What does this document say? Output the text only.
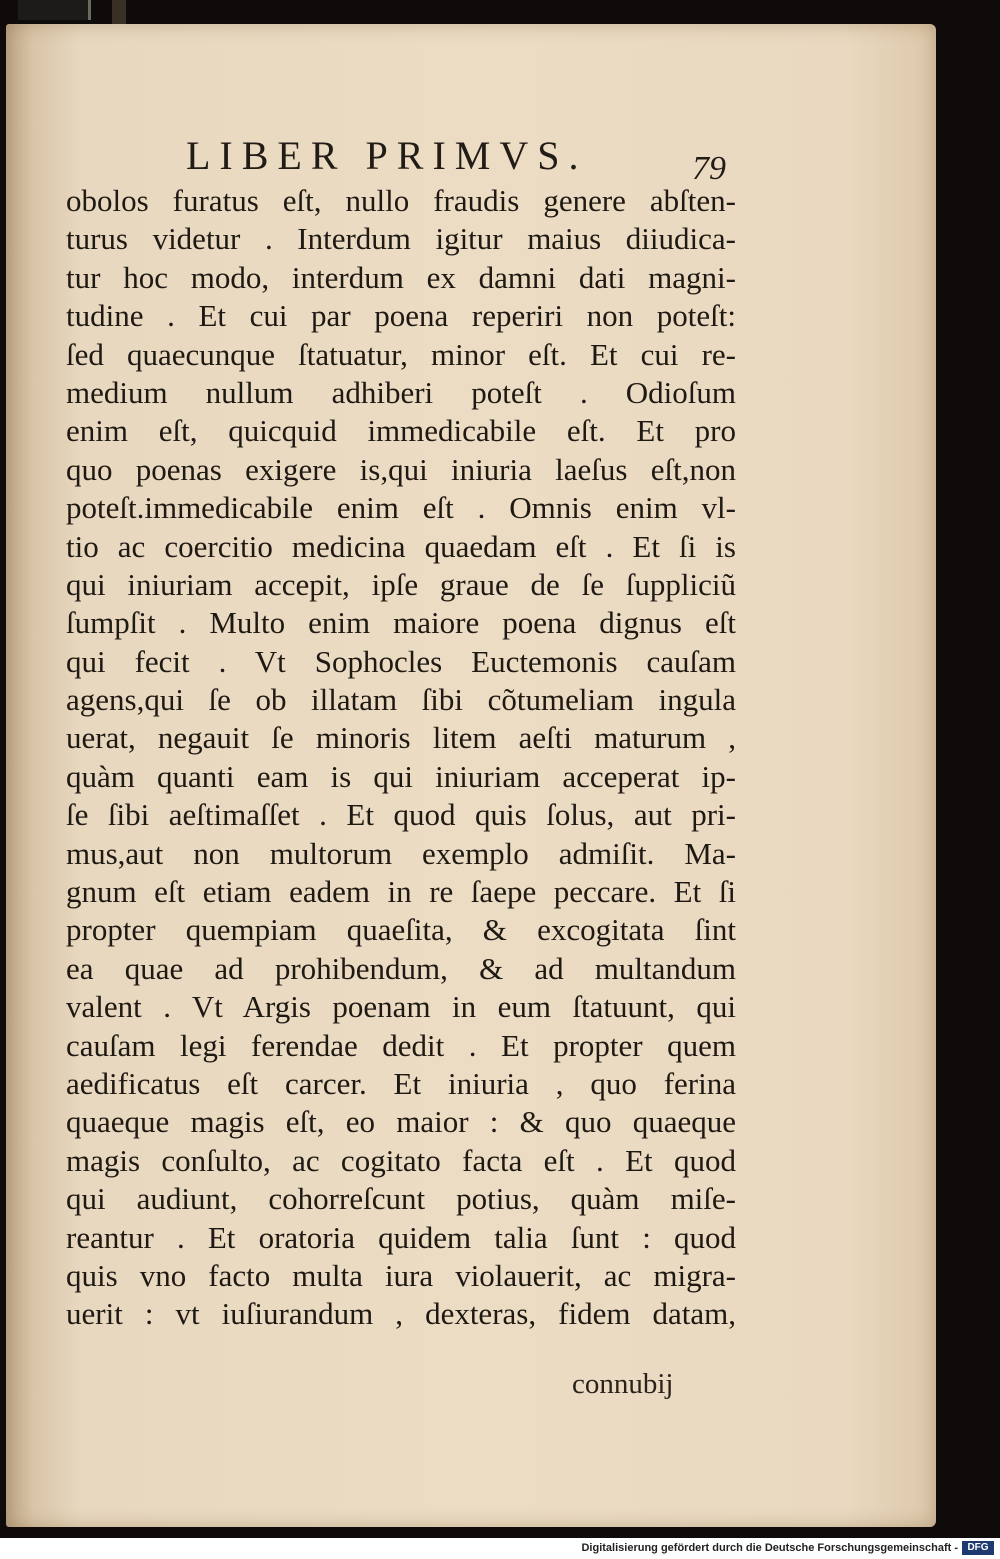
LIBER PRIMVS.	79
obolos furatus eſt, nullo fraudis genere abſten-
turus videtur . Interdum igitur maius diiudica-
tur hoc modo, interdum ex damni dati magni-
tudine . Et cui par poena reperiri non poteſt:
ſed quaecunque ſtatuatur, minor eſt. Et cui re-
medium nullum adhiberi poteſt . Odioſum
enim eſt, quicquid immedicabile eſt. Et pro
quo poenas exigere is,qui iniuria laeſus eſt,non
poteſt.immedicabile enim eſt . Omnis enim vl-
tio ac coercitio medicina quaedam eſt . Et ſi is
qui iniuriam accepit, ipſe graue de ſe ſuppliciũ
ſumpſit . Multo enim maiore poena dignus eſt
qui fecit . Vt Sophocles Euctemonis cauſam
agens,qui ſe ob illatam ſibi cõtumeliam ingula
uerat, negauit ſe minoris litem aeſti maturum ,
quàm quanti eam is qui iniuriam acceperat ip-
ſe ſibi aeſtimaſſet . Et quod quis ſolus, aut pri-
mus,aut non multorum exemplo admiſit. Ma-
gnum eſt etiam eadem in re ſaepe peccare. Et ſi
propter quempiam quaeſita, & excogitata ſint
ea quae ad prohibendum, & ad multandum
valent . Vt Argis poenam in eum ſtatuunt, qui
cauſam legi ferendae dedit . Et propter quem
aedificatus eſt carcer. Et iniuria , quo ferina
quaeque magis eſt, eo maior : & quo quaeque
magis conſulto, ac cogitato facta eſt . Et quod
qui audiunt, cohorreſcunt potius, quàm miſe-
reantur . Et oratoria quidem talia ſunt : quod
quis vno facto multa iura violauerit, ac migra-
uerit : vt iuſiurandum , dexteras, fidem datam,
connubij
Digitalisierung gefördert durch die Deutsche Forschungsgemeinschaft - DFG
